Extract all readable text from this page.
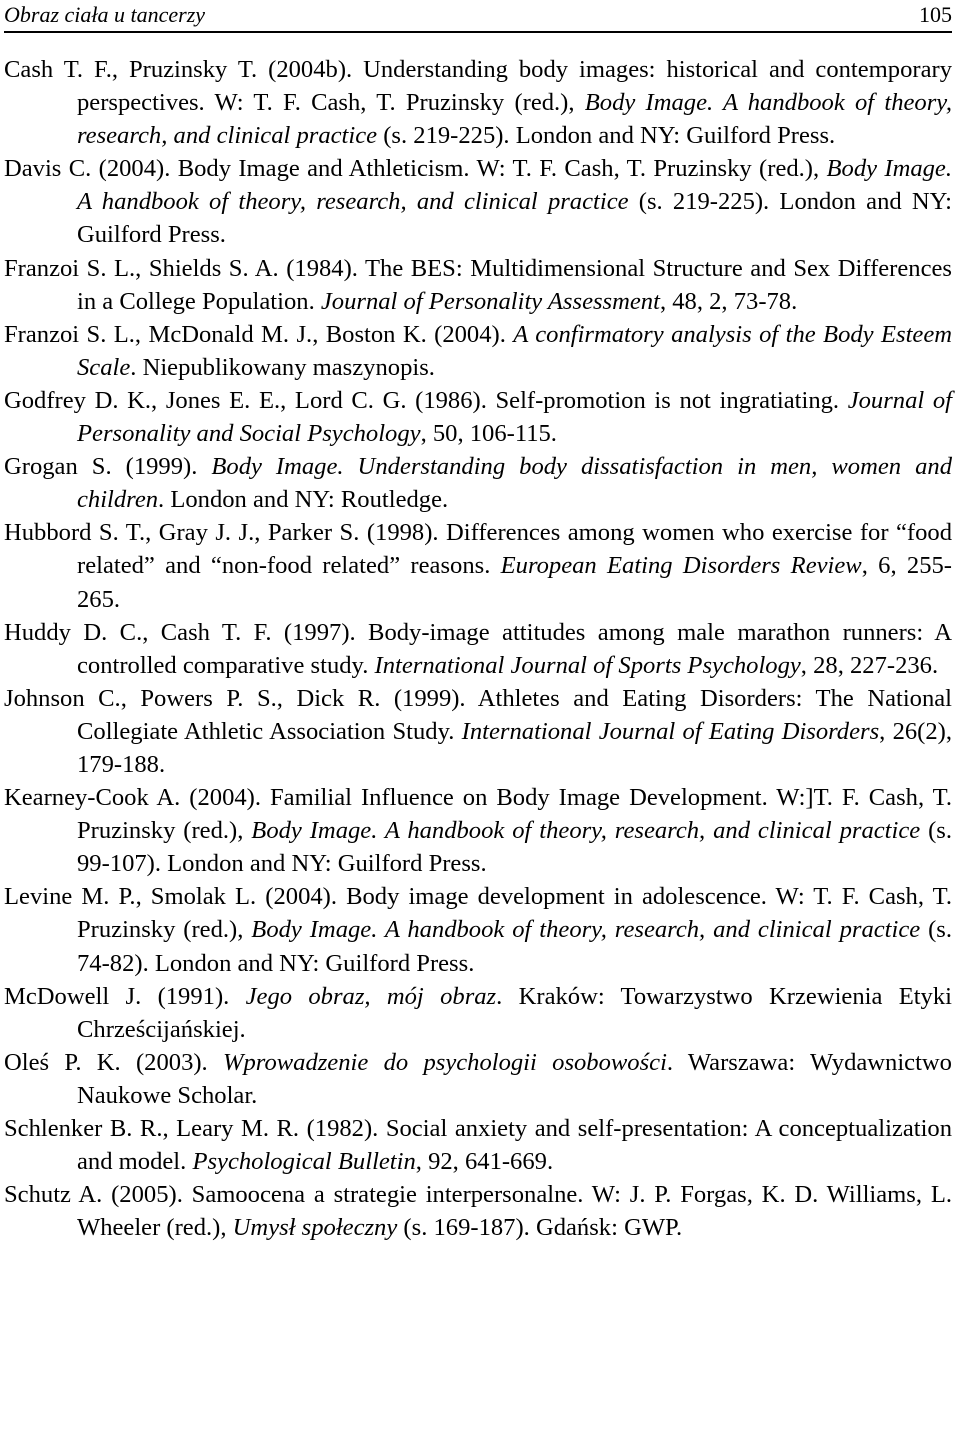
Obraz ciała u tancerzy	105

Cash T. F., Pruzinsky T. (2004b). Understanding body images: historical and contemporary perspectives. W: T. F. Cash, T. Pruzinsky (red.), Body Image. A handbook of theory, research, and clinical practice (s. 219-225). London and NY: Guilford Press.

Davis C. (2004). Body Image and Athleticism. W: T. F. Cash, T. Pruzinsky (red.), Body Image. A handbook of theory, research, and clinical practice (s. 219-225). London and NY: Guilford Press.

Franzoi S. L., Shields S. A. (1984). The BES: Multidimensional Structure and Sex Differences in a College Population. Journal of Personality Assessment, 48, 2, 73-78.

Franzoi S. L., McDonald M. J., Boston K. (2004). A confirmatory analysis of the Body Esteem Scale. Niepublikowany maszynopis.

Godfrey D. K., Jones E. E., Lord C. G. (1986). Self-promotion is not ingratiating. Journal of Personality and Social Psychology, 50, 106-115.

Grogan S. (1999). Body Image. Understanding body dissatisfaction in men, women and children. London and NY: Routledge.

Hubbord S. T., Gray J. J., Parker S. (1998). Differences among women who exercise for “food related” and “non-food related” reasons. European Eating Disorders Review, 6, 255-265.

Huddy D. C., Cash T. F. (1997). Body-image attitudes among male marathon runners: A controlled comparative study. International Journal of Sports Psychology, 28, 227-236.

Johnson C., Powers P. S., Dick R. (1999). Athletes and Eating Disorders: The National Collegiate Athletic Association Study. International Journal of Eating Disorders, 26(2), 179-188.

Kearney-Cook A. (2004). Familial Influence on Body Image Development. W:]T. F. Cash, T. Pruzinsky (red.), Body Image. A handbook of theory, research, and clinical practice (s. 99-107). London and NY: Guilford Press.

Levine M. P., Smolak L. (2004). Body image development in adolescence. W: T. F. Cash, T. Pruzinsky (red.), Body Image. A handbook of theory, research, and clinical practice (s. 74-82). London and NY: Guilford Press.

McDowell J. (1991). Jego obraz, mój obraz. Kraków: Towarzystwo Krzewienia Etyki Chrześcijańskiej.

Oleś P. K. (2003). Wprowadzenie do psychologii osobowości. Warszawa: Wydawnictwo Naukowe Scholar.

Schlenker B. R., Leary M. R. (1982). Social anxiety and self-presentation: A conceptualization and model. Psychological Bulletin, 92, 641-669.

Schutz A. (2005). Samoocena a strategie interpersonalne. W: J. P. Forgas, K. D. Williams, L. Wheeler (red.), Umysł społeczny (s. 169-187). Gdańsk: GWP.
